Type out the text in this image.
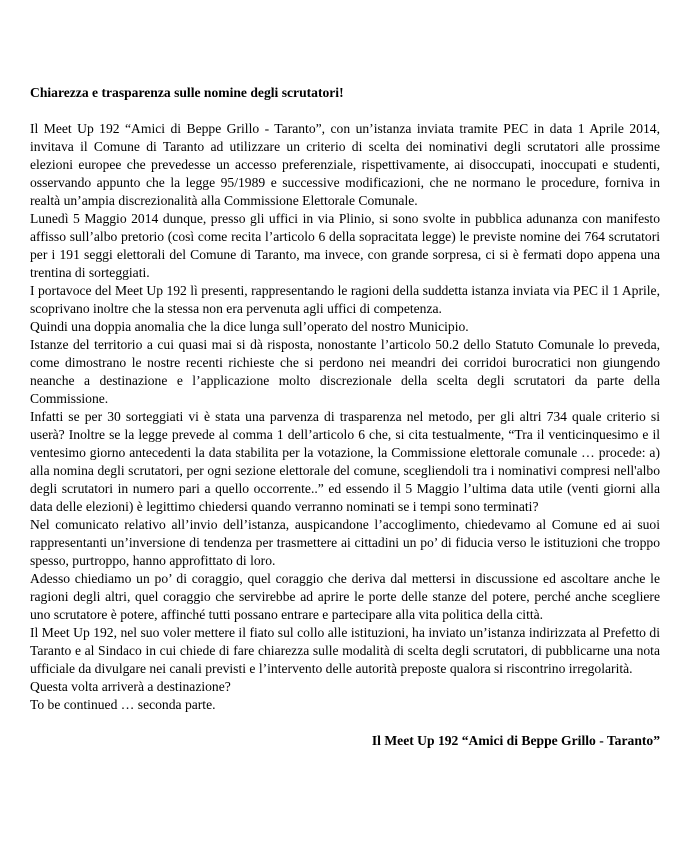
Chiarezza e trasparenza sulle nomine degli scrutatori!

Il Meet Up 192 “Amici di Beppe Grillo - Taranto”, con un’istanza inviata tramite PEC in data 1 Aprile 2014, invitava il Comune di Taranto ad utilizzare un criterio di scelta dei nominativi degli scrutatori alle prossime elezioni europee che prevedesse un accesso preferenziale, rispettivamente, ai disoccupati, inoccupati e studenti, osservando appunto che la legge 95/1989 e successive modificazioni, che ne normano le procedure, forniva in realtà un’ampia discrezionalità alla Commissione Elettorale Comunale.

Lunedì 5 Maggio 2014 dunque, presso gli uffici in via Plinio, si sono svolte in pubblica adunanza con manifesto affisso sull’albo pretorio (così come recita l’articolo 6 della sopracitata legge) le previste nomine dei 764 scrutatori per i 191 seggi elettorali del Comune di Taranto, ma invece, con grande sorpresa, ci si è fermati dopo appena una trentina di sorteggiati.

I portavoce del Meet Up 192 lì presenti, rappresentando le ragioni della suddetta istanza inviata via PEC il 1 Aprile, scoprivano inoltre che la stessa non era pervenuta agli uffici di competenza.

Quindi una doppia anomalia che la dice lunga sull’operato del nostro Municipio.

Istanze del territorio a cui quasi mai si dà risposta, nonostante l’articolo 50.2 dello Statuto Comunale lo preveda, come dimostrano le nostre recenti richieste che si perdono nei meandri dei corridoi burocratici non giungendo neanche a destinazione e l’applicazione molto discrezionale della scelta degli scrutatori da parte della Commissione.

Infatti se per 30 sorteggiati vi è stata una parvenza di trasparenza nel metodo, per gli altri 734 quale criterio si userà? Inoltre se la legge prevede al comma 1 dell’articolo 6 che, si cita testualmente, “Tra il venticinquesimo e il ventesimo giorno antecedenti la data stabilita per la votazione, la Commissione elettorale comunale … procede: a) alla nomina degli scrutatori, per ogni sezione elettorale del comune, scegliendoli tra i nominativi compresi nell'albo degli scrutatori in numero pari a quello occorrente..” ed essendo il 5 Maggio l’ultima data utile (venti giorni alla data delle elezioni) è legittimo chiedersi quando verranno nominati se i tempi sono terminati?

Nel comunicato relativo all’invio dell’istanza, auspicandone l’accoglimento, chiedevamo al Comune ed ai suoi rappresentanti un’inversione di tendenza per trasmettere ai cittadini un po’ di fiducia verso le istituzioni che troppo spesso, purtroppo, hanno approfittato di loro.

Adesso chiediamo un po’ di coraggio, quel coraggio che deriva dal mettersi in discussione ed ascoltare anche le ragioni degli altri, quel coraggio che servirebbe ad aprire le porte delle stanze del potere, perché anche scegliere uno scrutatore è potere, affinché tutti possano entrare e partecipare alla vita politica della città.

Il Meet Up 192, nel suo voler mettere il fiato sul collo alle istituzioni, ha inviato un’istanza indirizzata al Prefetto di Taranto e al Sindaco in cui chiede di fare chiarezza sulle modalità di scelta degli scrutatori, di pubblicarne una nota ufficiale da divulgare nei canali previsti e l’intervento delle autorità preposte qualora si riscontrino irregolarità.

Questa volta arriverà a destinazione?

To be continued … seconda parte.

Il Meet Up 192 “Amici di Beppe Grillo - Taranto”
